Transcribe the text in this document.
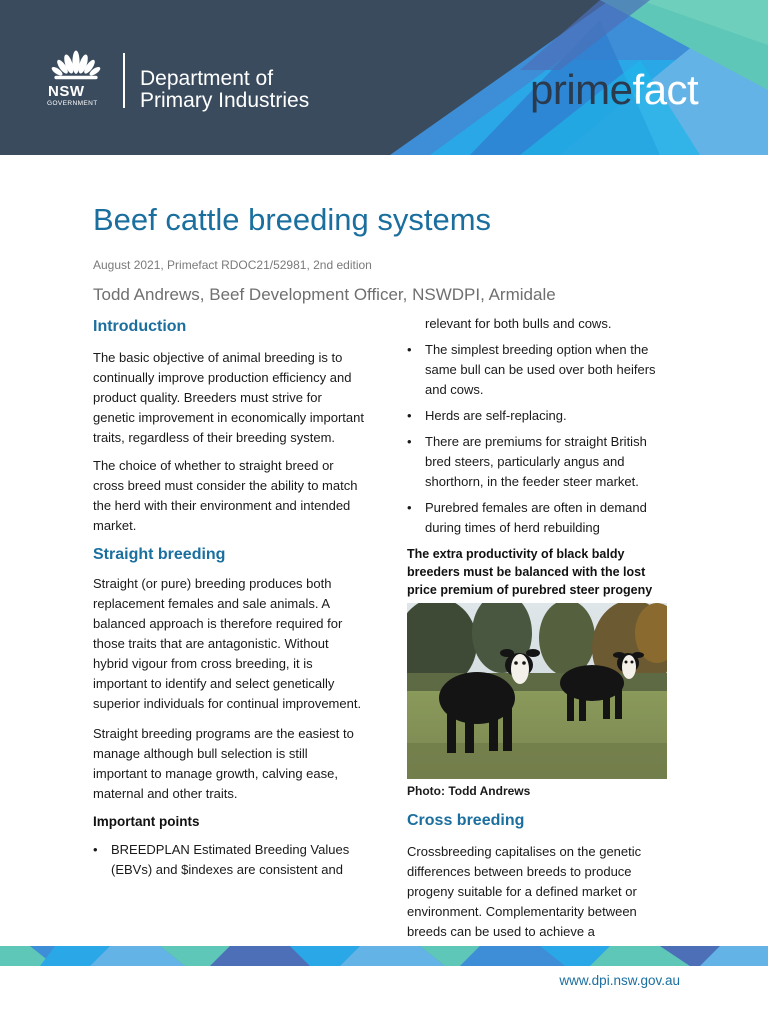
NSW
GOVERNMENT
Department of
Primary Industries	primefact
Beef cattle breeding systems
August 2021, Primefact RDOC21/52981, 2nd edition
Todd Andrews, Beef Development Officer, NSWDPI, Armidale
Introduction

The basic objective of animal breeding is to continually improve production efficiency and product quality. Breeders must strive for genetic improvement in economically important traits, regardless of their breeding system.

The choice of whether to straight breed or cross breed must consider the ability to match the herd with their environment and intended market.

Straight breeding

Straight (or pure) breeding produces both replacement females and sale animals. A balanced approach is therefore required for those traits that are antagonistic. Without hybrid vigour from cross breeding, it is important to identify and select genetically superior individuals for continual improvement.

Straight breeding programs are the easiest to manage although bull selection is still important to manage growth, calving ease, maternal and other traits.

Important points
• BREEDPLAN Estimated Breeding Values (EBVs) and $indexes are consistent and
relevant for both bulls and cows.
• The simplest breeding option when the same bull can be used over both heifers and cows.
• Herds are self-replacing.
• There are premiums for straight British bred steers, particularly angus and shorthorn, in the feeder steer market.
• Purebred females are often in demand during times of herd rebuilding
The extra productivity of black baldy breeders must be balanced with the lost price premium of purebred steer progeny
Photo: Todd Andrews
Cross breeding

Crossbreeding capitalises on the genetic differences between breeds to produce progeny suitable for a defined market or environment. Complementarity between breeds can be used to achieve a

www.dpi.nsw.gov.au
